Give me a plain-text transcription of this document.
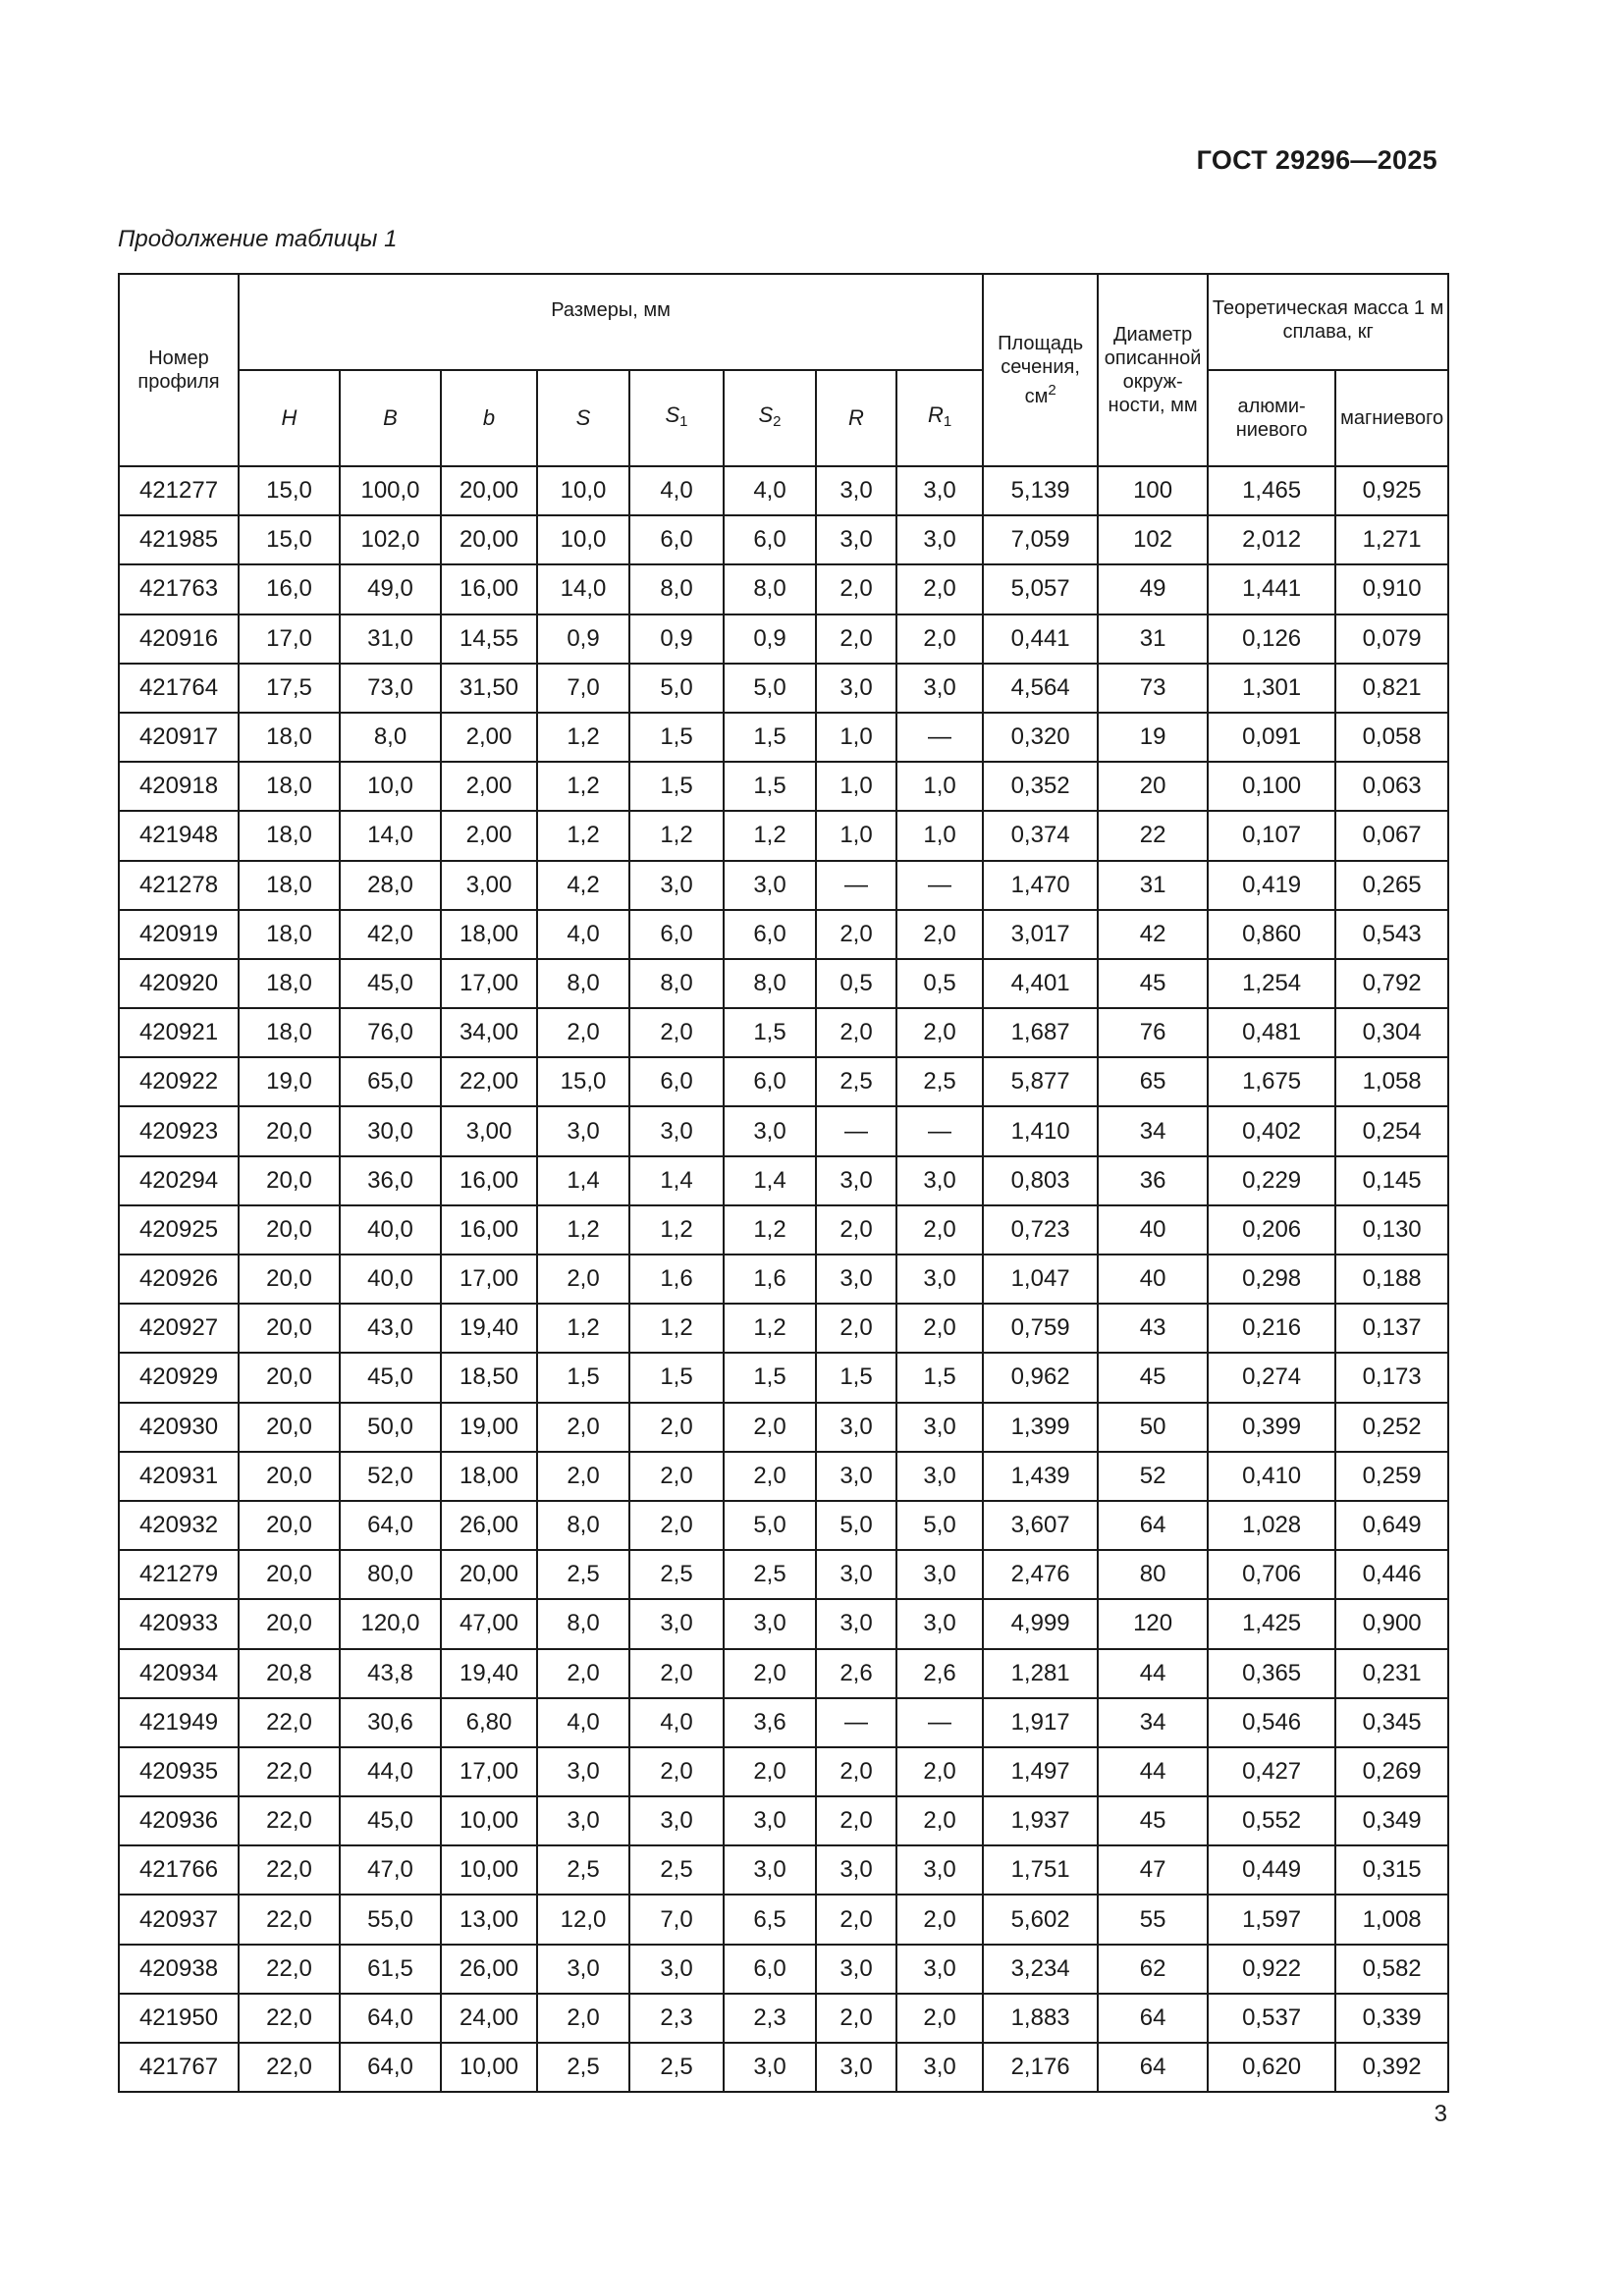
ГОСТ 29296—2025
Продолжение таблицы 1
Номер профиля	Размеры, мм								Площадь сечения, $см^2$	Диаметр описанной окружности, мм	Теоретическая масса 1 м сплава, кг	
	H	B	b	S	$S_1$	$S_2$	R	$R_1$			алюминиевого	магниевого
421277	15,0	100,0	20,00	10,0	4,0	4,0	3,0	3,0	5,139	100	1,465	0,925
421985	15,0	102,0	20,00	10,0	6,0	6,0	3,0	3,0	7,059	102	2,012	1,271
421763	16,0	49,0	16,00	14,0	8,0	8,0	2,0	2,0	5,057	49	1,441	0,910
420916	17,0	31,0	14,55	0,9	0,9	0,9	2,0	2,0	0,441	31	0,126	0,079
421764	17,5	73,0	31,50	7,0	5,0	5,0	3,0	3,0	4,564	73	1,301	0,821
420917	18,0	8,0	2,00	1,2	1,5	1,5	1,0	—	0,320	19	0,091	0,058
420918	18,0	10,0	2,00	1,2	1,5	1,5	1,0	1,0	0,352	20	0,100	0,063
421948	18,0	14,0	2,00	1,2	1,2	1,2	1,0	1,0	0,374	22	0,107	0,067
421278	18,0	28,0	3,00	4,2	3,0	3,0	—	—	1,470	31	0,419	0,265
420919	18,0	42,0	18,00	4,0	6,0	6,0	2,0	2,0	3,017	42	0,860	0,543
420920	18,0	45,0	17,00	8,0	8,0	8,0	0,5	0,5	4,401	45	1,254	0,792
420921	18,0	76,0	34,00	2,0	2,0	1,5	2,0	2,0	1,687	76	0,481	0,304
420922	19,0	65,0	22,00	15,0	6,0	6,0	2,5	2,5	5,877	65	1,675	1,058
420923	20,0	30,0	3,00	3,0	3,0	3,0	—	—	1,410	34	0,402	0,254
420294	20,0	36,0	16,00	1,4	1,4	1,4	3,0	3,0	0,803	36	0,229	0,145
420925	20,0	40,0	16,00	1,2	1,2	1,2	2,0	2,0	0,723	40	0,206	0,130
420926	20,0	40,0	17,00	2,0	1,6	1,6	3,0	3,0	1,047	40	0,298	0,188
420927	20,0	43,0	19,40	1,2	1,2	1,2	2,0	2,0	0,759	43	0,216	0,137
420929	20,0	45,0	18,50	1,5	1,5	1,5	1,5	1,5	0,962	45	0,274	0,173
420930	20,0	50,0	19,00	2,0	2,0	2,0	3,0	3,0	1,399	50	0,399	0,252
420931	20,0	52,0	18,00	2,0	2,0	2,0	3,0	3,0	1,439	52	0,410	0,259
420932	20,0	64,0	26,00	8,0	2,0	5,0	5,0	5,0	3,607	64	1,028	0,649
421279	20,0	80,0	20,00	2,5	2,5	2,5	3,0	3,0	2,476	80	0,706	0,446
420933	20,0	120,0	47,00	8,0	3,0	3,0	3,0	3,0	4,999	120	1,425	0,900
420934	20,8	43,8	19,40	2,0	2,0	2,0	2,6	2,6	1,281	44	0,365	0,231
421949	22,0	30,6	6,80	4,0	4,0	3,6	—	—	1,917	34	0,546	0,345
420935	22,0	44,0	17,00	3,0	2,0	2,0	2,0	2,0	1,497	44	0,427	0,269
420936	22,0	45,0	10,00	3,0	3,0	3,0	2,0	2,0	1,937	45	0,552	0,349
421766	22,0	47,0	10,00	2,5	2,5	3,0	3,0	3,0	1,751	47	0,449	0,315
420937	22,0	55,0	13,00	12,0	7,0	6,5	2,0	2,0	5,602	55	1,597	1,008
420938	22,0	61,5	26,00	3,0	3,0	6,0	3,0	3,0	3,234	62	0,922	0,582
421950	22,0	64,0	24,00	2,0	2,3	2,3	2,0	2,0	1,883	64	0,537	0,339
421767	22,0	64,0	10,00	2,5	2,5	3,0	3,0	3,0	2,176	64	0,620	0,392
3
